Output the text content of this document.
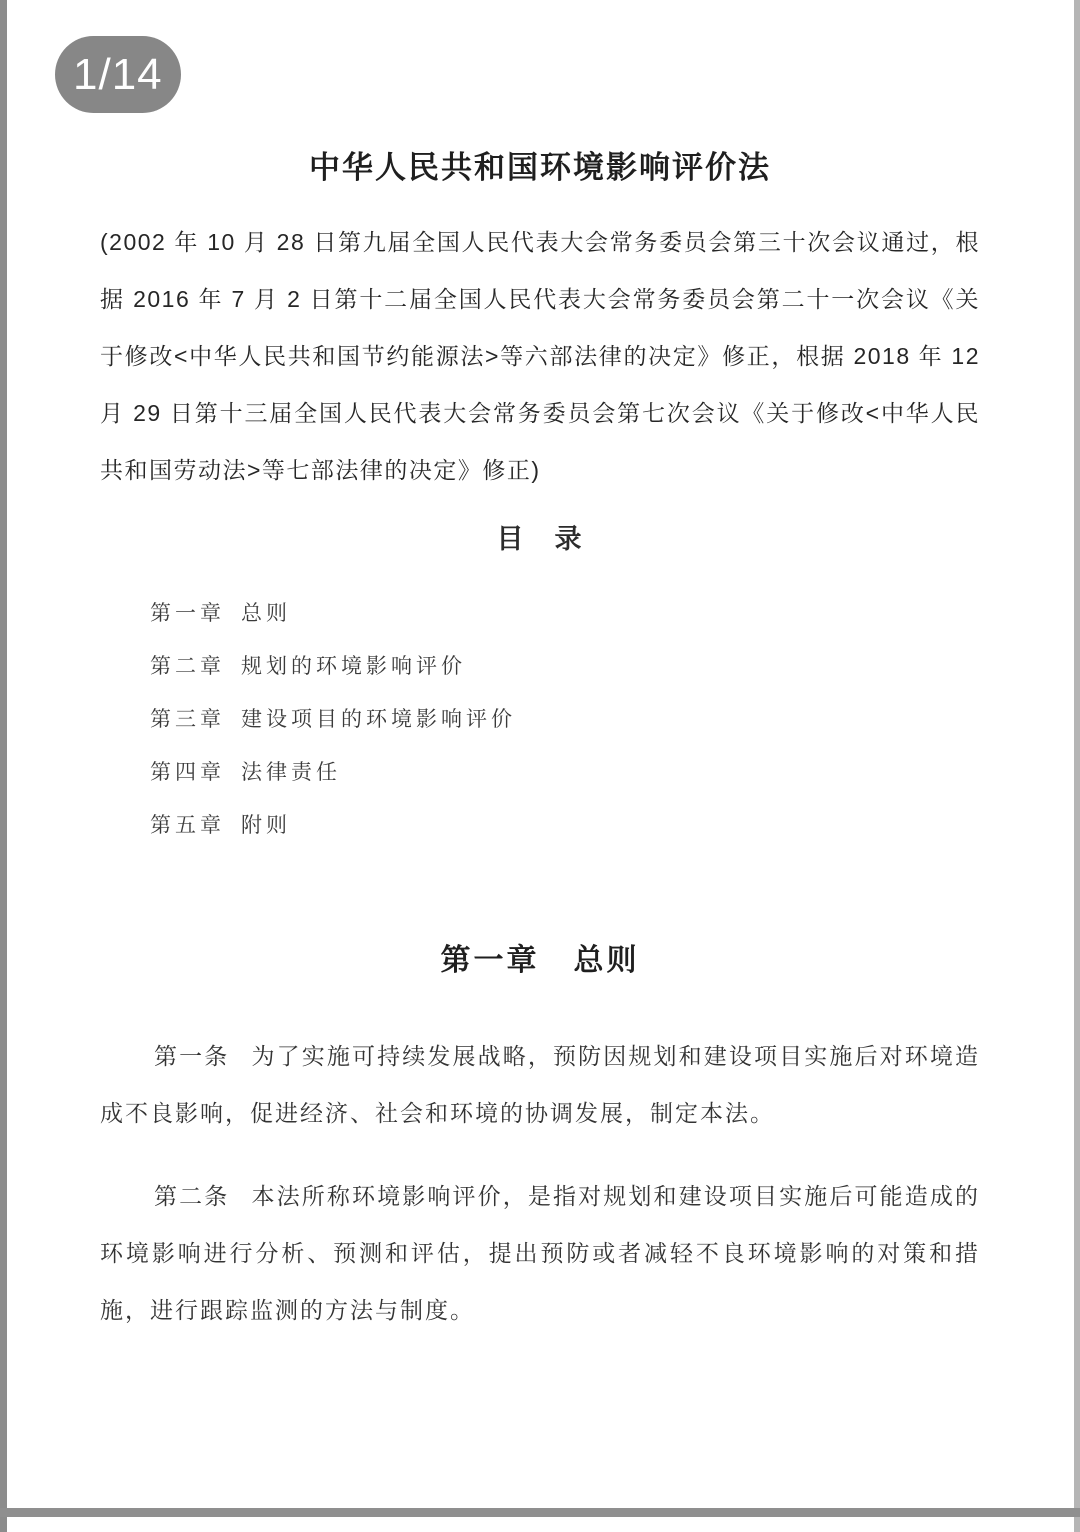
1/14
中华人民共和国环境影响评价法

(2002 年 10 月 28 日第九届全国人民代表大会常务委员会第三十次会议通过，根据 2016 年 7 月 2 日第十二届全国人民代表大会常务委员会第二十一次会议《关于修改<中华人民共和国节约能源法>等六部法律的决定》修正，根据 2018 年 12 月 29 日第十三届全国人民代表大会常务委员会第七次会议《关于修改<中华人民共和国劳动法>等七部法律的决定》修正)

目　录
第一章 总则
第二章 规划的环境影响评价
第三章 建设项目的环境影响评价
第四章 法律责任
第五章 附则
第一章 总则

第一条 为了实施可持续发展战略，预防因规划和建设项目实施后对环境造成不良影响，促进经济、社会和环境的协调发展，制定本法。

第二条 本法所称环境影响评价，是指对规划和建设项目实施后可能造成的环境影响进行分析、预测和评估，提出预防或者减轻不良环境影响的对策和措施，进行跟踪监测的方法与制度。
